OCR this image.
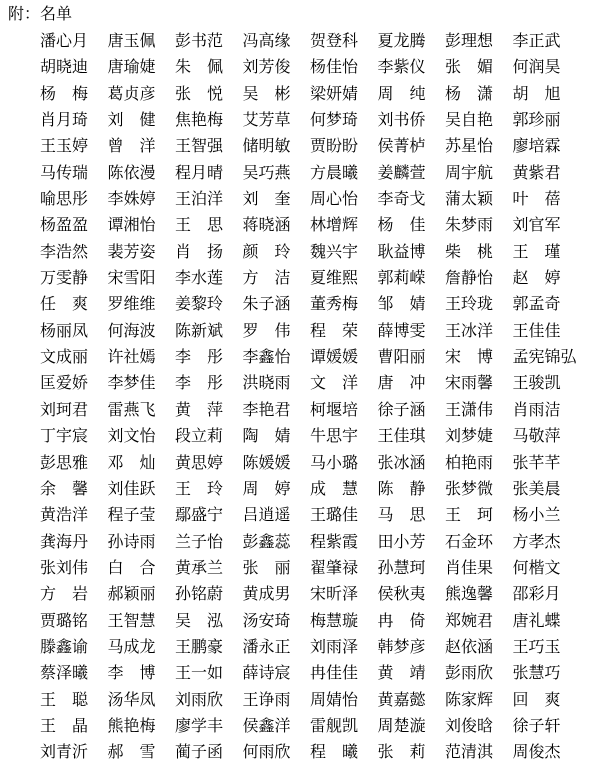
附：名单
潘心月	唐玉佩	彭书范	冯高缘	贺登科	夏龙腾	彭理想	李正武
胡晓迪	唐瑜婕	朱　佩	刘芳俊	杨佳怡	李紫仪	张　媚	何润昊
杨　梅	葛贞彦	张　悦	吴　彬	梁妍婧	周　纯	杨　潇	胡　旭
肖月琦	刘　健	焦艳梅	艾芳草	何梦琦	刘书侨	吴自艳	郭珍丽
王玉婷	曾　洋	王智强	储明敏	贾盼盼	侯菁栌	苏星怡	廖培霖
马传瑞	陈依漫	程月晴	吴巧燕	方晨曦	姜麟萱	周宇航	黄紫君
喻思彤	李姝婷	王泊洋	刘　奎	周心怡	李奇戈	蒲太颖	叶　蓓
杨盈盈	谭湘怡	王　思	蒋晓涵	林增辉	杨　佳	朱梦雨	刘官军
李浩然	裴芳姿	肖　扬	颜　玲	魏兴宇	耿益博	柴　桃	王　瑾
万雯静	宋雪阳	李水莲	方　洁	夏维熙	郭莉嵘	詹静怡	赵　婷
任　爽	罗维维	姜黎玲	朱子涵	董秀梅	邹　婧	王玲珑	郭孟奇
杨丽凤	何海波	陈新斌	罗　伟	程　荣	薛博雯	王冰洋	王佳佳
文成丽	许社嫣	李　彤	李鑫怡	谭媛媛	曹阳丽	宋　博	孟宪锦弘
匡爱娇	李梦佳	李　彤	洪晓雨	文　洋	唐　冲	宋雨馨	王骏凯
刘珂君	雷燕飞	黄　萍	李艳君	柯堰培	徐子涵	王潇伟	肖雨洁
丁宇宸	刘文怡	段立莉	陶　婧	牛思宇	王佳琪	刘梦婕	马敬萍
彭思雅	邓　灿	黄思婷	陈媛媛	马小璐	张冰涵	柏艳雨	张芊芊
余　馨	刘佳跃	王　玲	周　婷	成　慧	陈　静	张梦微	张美晨
黄浩洋	程子莹	鄢盛宁	吕逍遥	王璐佳	马　思	王　珂	杨小兰
龚海丹	孙诗雨	兰子怡	彭鑫蕊	程紫霞	田小芳	石金环	方孝杰
张刘伟	白　合	黄承兰	张　丽	翟肇禄	孙慧珂	肖佳果	何楷文
方　岩	郝颖丽	孙铭蔚	黄成男	宋昕泽	侯秋夷	熊逸馨	邵彩月
贾璐铭	王智慧	吴　泓	汤安琦	梅慧璇	冉　倚	郑婉君	唐礼蝶
滕鑫谕	马成龙	王鹏豪	潘永正	刘雨泽	韩梦彦	赵依涵	王巧玉
蔡泽曦	李　博	王一如	薛诗宸	冉佳佳	黄　靖	彭雨欣	张慧巧
王　聪	汤华凤	刘雨欣	王诤雨	周婧怡	黄嘉懿	陈家辉	回　爽
王　晶	熊艳梅	廖学丰	侯鑫洋	雷舰凯	周楚漩	刘俊晗	徐子轩
刘青沂	郝　雪	蔺子函	何雨欣	程　曦	张　莉	范清淇	周俊杰
